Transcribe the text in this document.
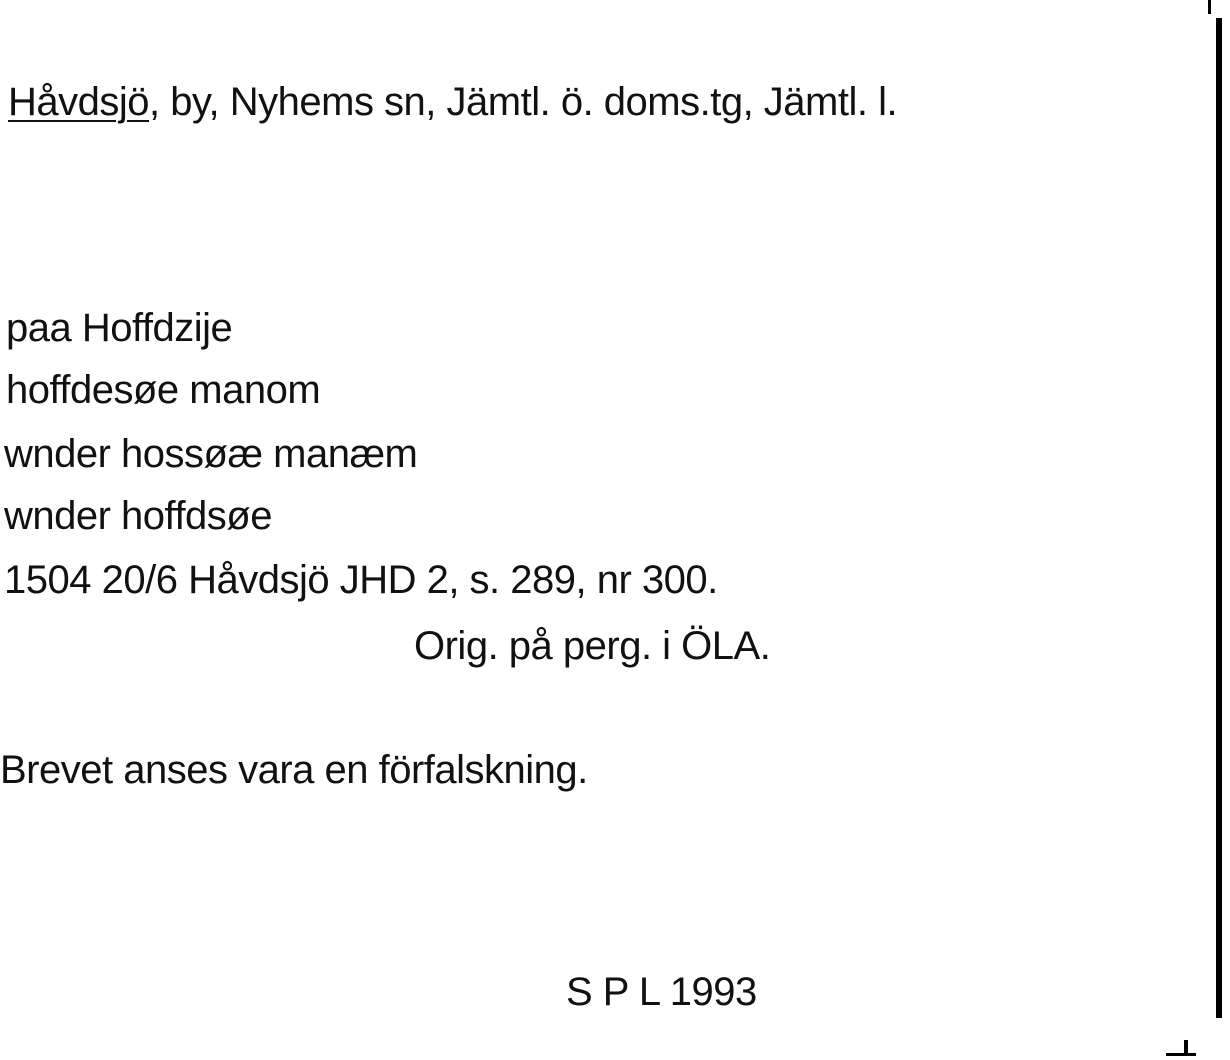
Håvdsjö, by, Nyhems sn, Jämtl. ö. doms.tg, Jämtl. l.
paa Hoffdzije
hoffdesøe manom
wnder hossøæ manæm
wnder hoffdsøe
1504 20/6 Håvdsjö JHD 2, s. 289, nr 300.
Orig. på perg. i ÖLA.
Brevet anses vara en förfalskning.
S P L 1993
